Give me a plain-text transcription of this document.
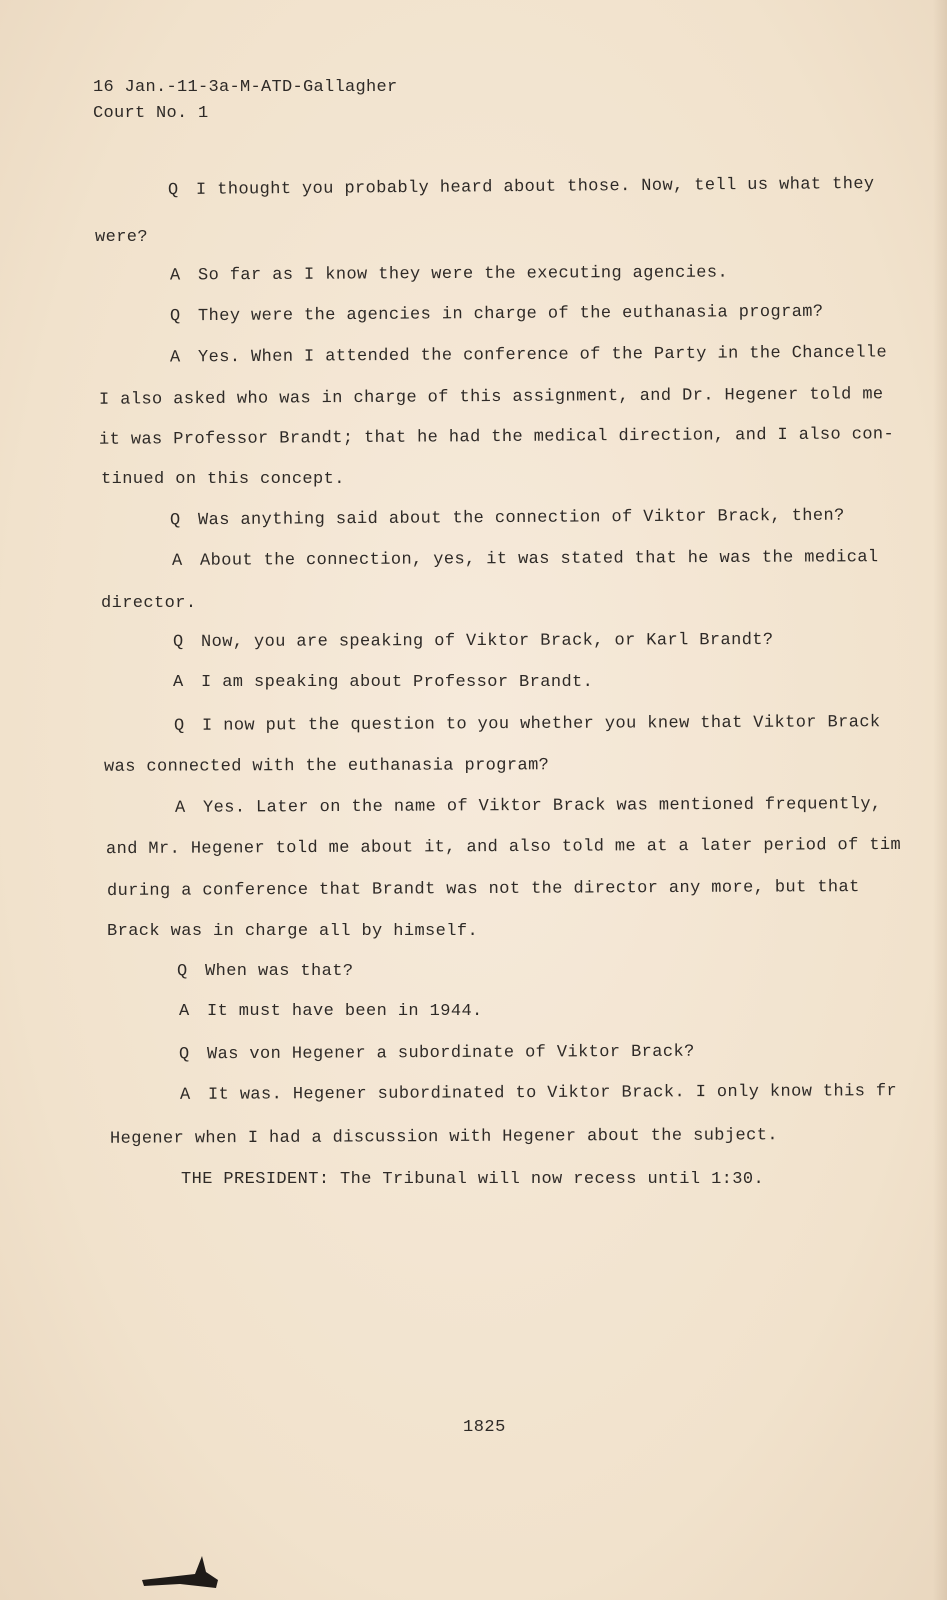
16 Jan.-11-3a-M-ATD-Gallagher
Court No. 1
Q I thought you probably heard about those. Now, tell us what they
were?
A So far as I know they were the executing agencies.
Q They were the agencies in charge of the euthanasia program?
A Yes. When I attended the conference of the Party in the Chancelle
I also asked who was in charge of this assignment, and Dr. Hegener told me
it was Professor Brandt; that he had the medical direction, and I also con-
tinued on this concept.
Q Was anything said about the connection of Viktor Brack, then?
A About the connection, yes, it was stated that he was the medical
director.
Q Now, you are speaking of Viktor Brack, or Karl Brandt?
A I am speaking about Professor Brandt.
Q I now put the question to you whether you knew that Viktor Brack
was connected with the euthanasia program?
A Yes. Later on the name of Viktor Brack was mentioned frequently,
and Mr. Hegener told me about it, and also told me at a later period of tim
during a conference that Brandt was not the director any more, but that
Brack was in charge all by himself.
Q When was that?
A It must have been in 1944.
Q Was von Hegener a subordinate of Viktor Brack?
A It was. Hegener subordinated to Viktor Brack. I only know this fr
Hegener when I had a discussion with Hegener about the subject.
THE PRESIDENT: The Tribunal will now recess until 1:30.
1825
